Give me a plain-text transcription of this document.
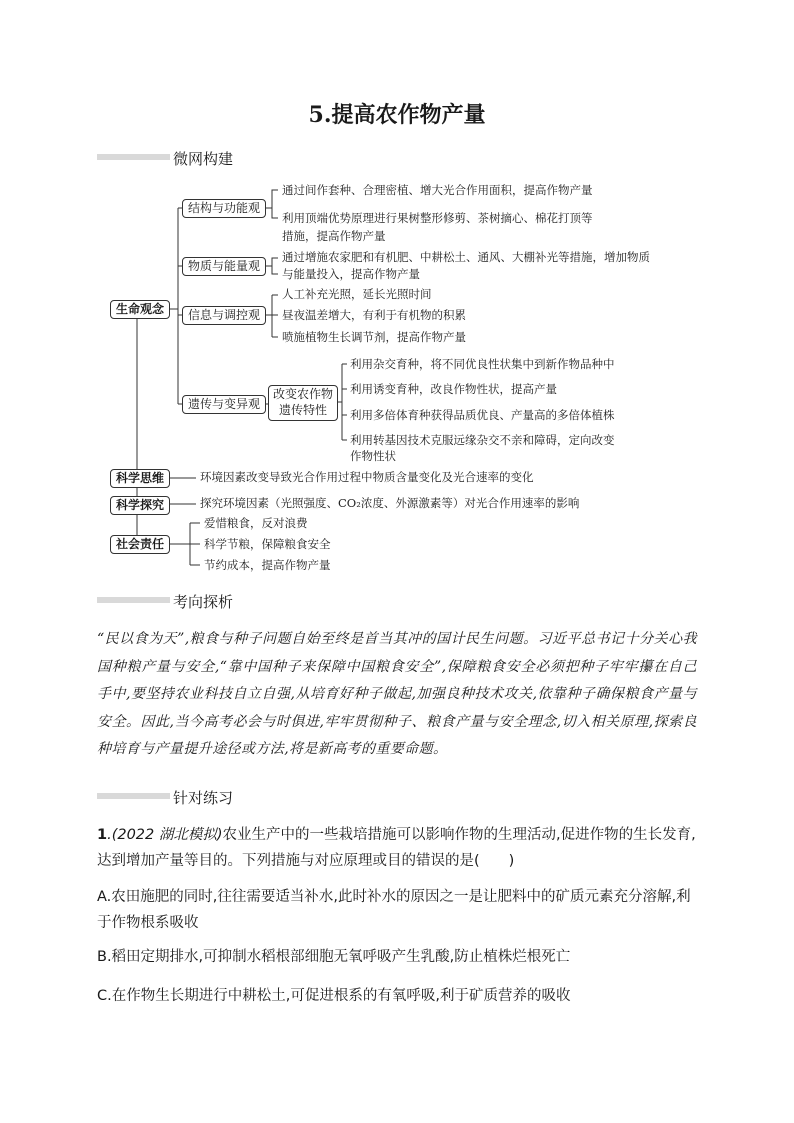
5.提高农作物产量
微网构建
生命观念
科学思维
科学探究
社会责任
结构与功能观
物质与能量观
信息与调控观
遗传与变异观
改变农作物
遗传特性
通过间作套种、合理密植、增大光合作用面积，提高作物产量
利用顶端优势原理进行果树整形修剪、茶树摘心、棉花打顶等
措施，提高作物产量
通过增施农家肥和有机肥、中耕松土、通风、大棚补光等措施，增加物质
与能量投入，提高作物产量
人工补充光照，延长光照时间
昼夜温差增大，有利于有机物的积累
喷施植物生长调节剂，提高作物产量
利用杂交育种，将不同优良性状集中到新作物品种中
利用诱变育种，改良作物性状，提高产量
利用多倍体育种获得品质优良、产量高的多倍体植株
利用转基因技术克服远缘杂交不亲和障碍，定向改变
作物性状
环境因素改变导致光合作用过程中物质含量变化及光合速率的变化
探究环境因素（光照强度、CO₂浓度、外源激素等）对光合作用速率的影响
爱惜粮食，反对浪费
科学节粮，保障粮食安全
节约成本，提高作物产量
考向探析
“民以食为天”,粮食与种子问题自始至终是首当其冲的国计民生问题。习近平总书记十分关心我国种粮产量与安全,“靠中国种子来保障中国粮食安全”,保障粮食安全必须把种子牢牢攥在自己手中,要坚持农业科技自立自强,从培育好种子做起,加强良种技术攻关,依靠种子确保粮食产量与安全。因此,当今高考必会与时俱进,牢牢贯彻种子、粮食产量与安全理念,切入相关原理,探索良种培育与产量提升途径或方法,将是新高考的重要命题。
针对练习
1.(2022 湖北模拟)农业生产中的一些栽培措施可以影响作物的生理活动,促进作物的生长发育,达到增加产量等目的。下列措施与对应原理或目的错误的是(　　)
A.农田施肥的同时,往往需要适当补水,此时补水的原因之一是让肥料中的矿质元素充分溶解,利于作物根系吸收
B.稻田定期排水,可抑制水稻根部细胞无氧呼吸产生乳酸,防止植株烂根死亡
C.在作物生长期进行中耕松土,可促进根系的有氧呼吸,利于矿质营养的吸收
